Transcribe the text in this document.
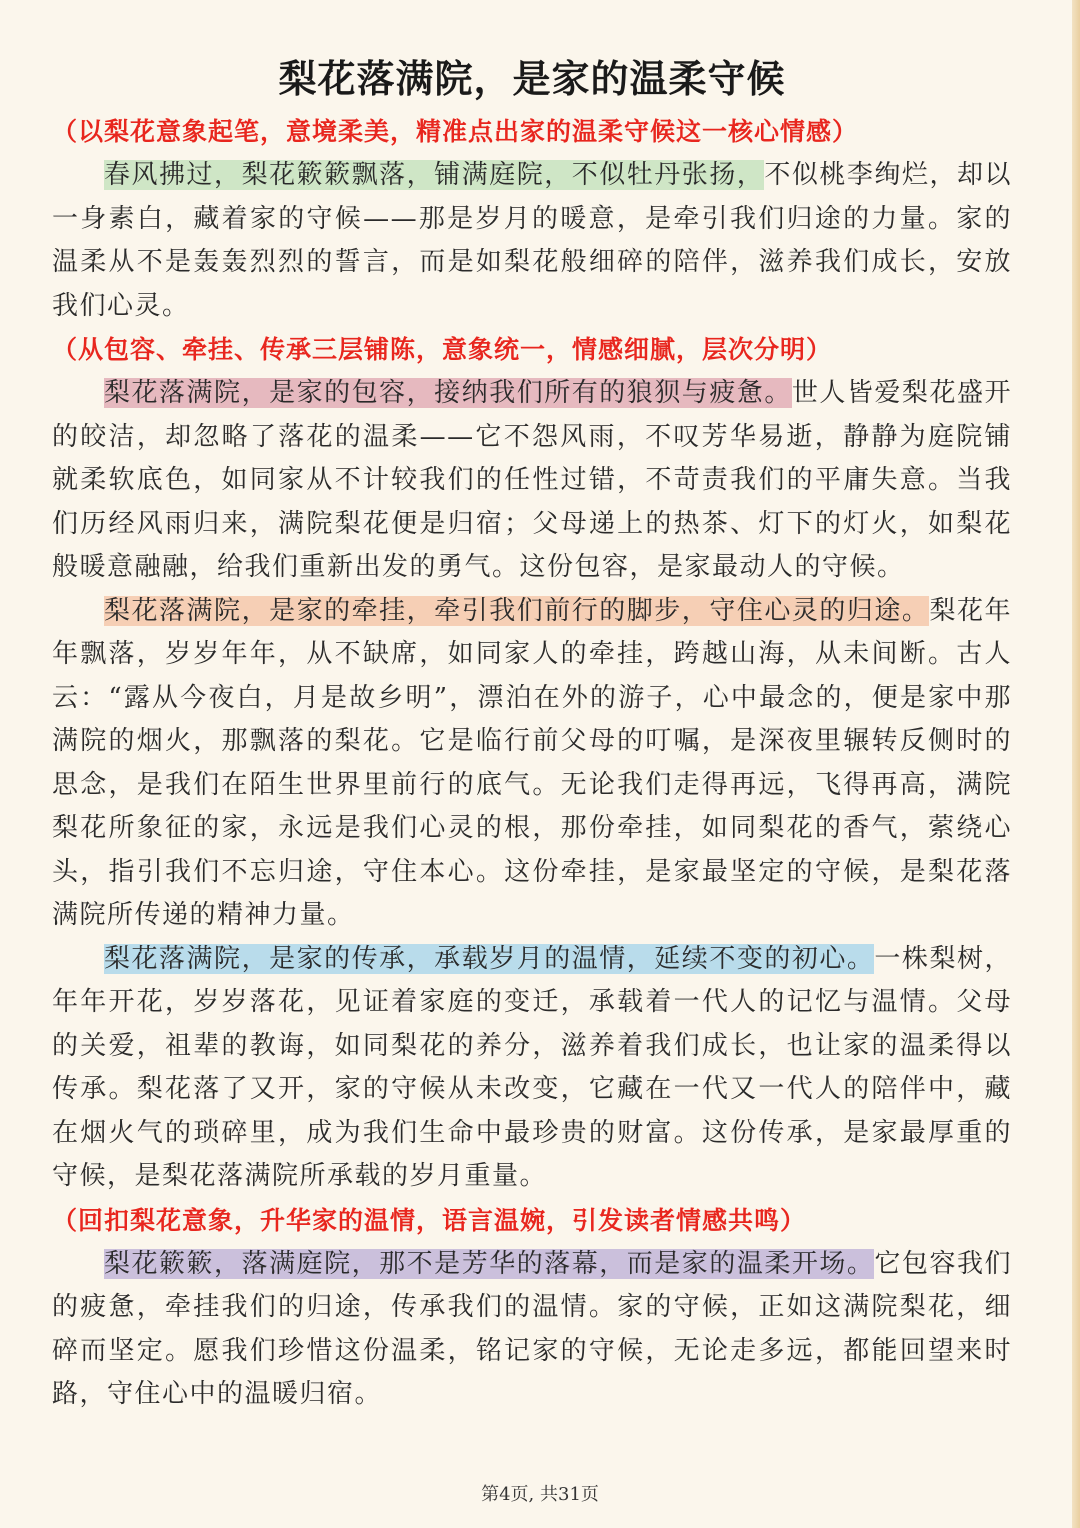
梨花落满院，是家的温柔守候

（以梨花意象起笔，意境柔美，精准点出家的温柔守候这一核心情感）

春风拂过，梨花簌簌飘落，铺满庭院，不似牡丹张扬，不似桃李绚烂，却以一身素白，藏着家的守候——那是岁月的暖意，是牵引我们归途的力量。家的温柔从不是轰轰烈烈的誓言，而是如梨花般细碎的陪伴，滋养我们成长，安放我们心灵。

（从包容、牵挂、传承三层铺陈，意象统一，情感细腻，层次分明）

梨花落满院，是家的包容，接纳我们所有的狼狈与疲惫。世人皆爱梨花盛开的皎洁，却忽略了落花的温柔——它不怨风雨，不叹芳华易逝，静静为庭院铺就柔软底色，如同家从不计较我们的任性过错，不苛责我们的平庸失意。当我们历经风雨归来，满院梨花便是归宿；父母递上的热茶、灯下的灯火，如梨花般暖意融融，给我们重新出发的勇气。这份包容，是家最动人的守候。

梨花落满院，是家的牵挂，牵引我们前行的脚步，守住心灵的归途。梨花年年飘落，岁岁年年，从不缺席，如同家人的牵挂，跨越山海，从未间断。古人云：“露从今夜白，月是故乡明”，漂泊在外的游子，心中最念的，便是家中那满院的烟火，那飘落的梨花。它是临行前父母的叮嘱，是深夜里辗转反侧时的思念，是我们在陌生世界里前行的底气。无论我们走得再远，飞得再高，满院梨花所象征的家，永远是我们心灵的根，那份牵挂，如同梨花的香气，萦绕心头，指引我们不忘归途，守住本心。这份牵挂，是家最坚定的守候，是梨花落满院所传递的精神力量。

梨花落满院，是家的传承，承载岁月的温情，延续不变的初心。一株梨树，年年开花，岁岁落花，见证着家庭的变迁，承载着一代人的记忆与温情。父母的关爱，祖辈的教诲，如同梨花的养分，滋养着我们成长，也让家的温柔得以传承。梨花落了又开，家的守候从未改变，它藏在一代又一代人的陪伴中，藏在烟火气的琐碎里，成为我们生命中最珍贵的财富。这份传承，是家最厚重的守候，是梨花落满院所承载的岁月重量。

（回扣梨花意象，升华家的温情，语言温婉，引发读者情感共鸣）

梨花簌簌，落满庭院，那不是芳华的落幕，而是家的温柔开场。它包容我们的疲惫，牵挂我们的归途，传承我们的温情。家的守候，正如这满院梨花，细碎而坚定。愿我们珍惜这份温柔，铭记家的守候，无论走多远，都能回望来时路，守住心中的温暖归宿。

第4页, 共31页
